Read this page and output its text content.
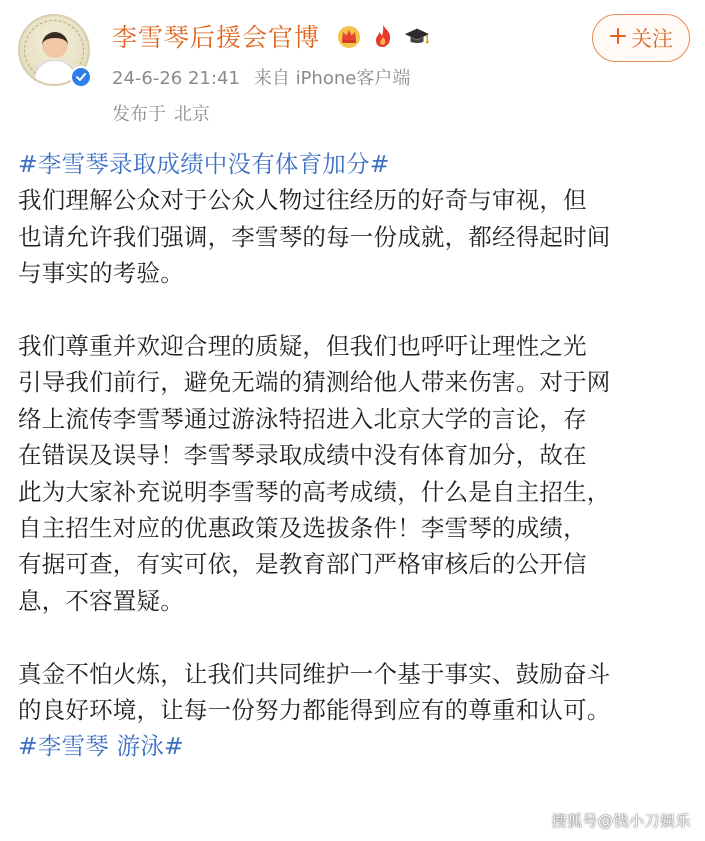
李雪琴后援会官博
24-6-26 21:41 来自 iPhone客户端
发布于 北京
关注
#李雪琴录取成绩中没有体育加分#
我们理解公众对于公众人物过往经历的好奇与审视，但
也请允许我们强调，李雪琴的每一份成就，都经得起时间
与事实的考验。
我们尊重并欢迎合理的质疑，但我们也呼吁让理性之光
引导我们前行，避免无端的猜测给他人带来伤害。对于网
络上流传李雪琴通过游泳特招进入北京大学的言论，存
在错误及误导！李雪琴录取成绩中没有体育加分，故在
此为大家补充说明李雪琴的高考成绩，什么是自主招生，
自主招生对应的优惠政策及选拔条件！李雪琴的成绩，
有据可查，有实可依，是教育部门严格审核后的公开信
息，不容置疑。
真金不怕火炼，让我们共同维护一个基于事实、鼓励奋斗
的良好环境，让每一份努力都能得到应有的尊重和认可。
#李雪琴 游泳#
搜狐号@钱小刀娱乐
